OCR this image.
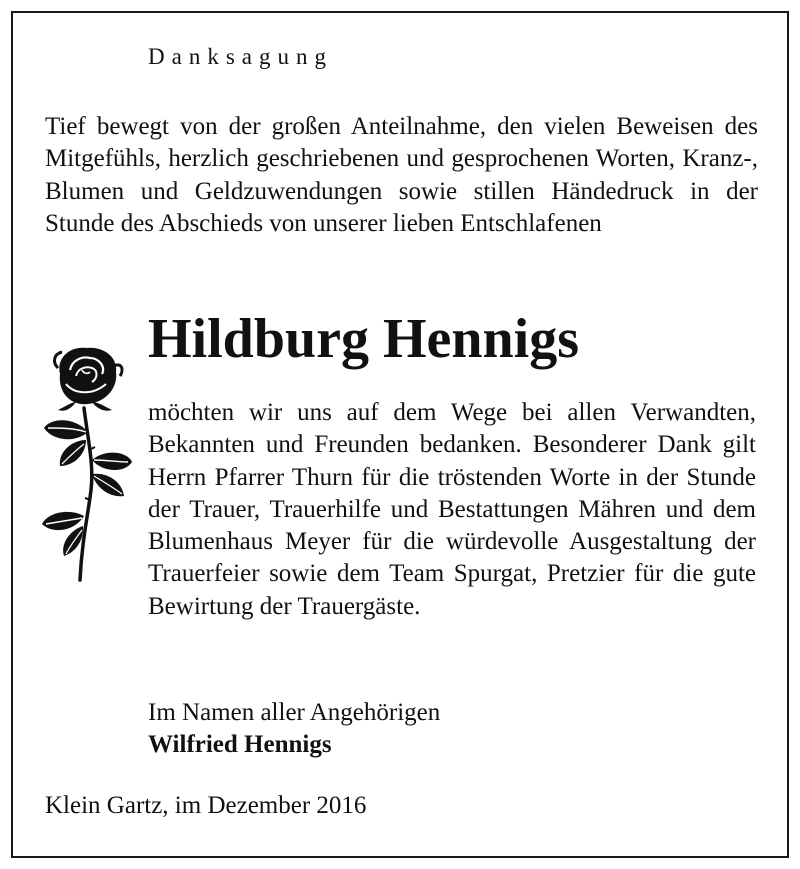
Danksagung
Tief bewegt von der großen Anteilnahme, den vielen Beweisen des Mitgefühls, herzlich geschriebenen und gesprochenen Worten, Kranz-, Blumen und Geldzuwendungen sowie stillen Händedruck in der Stunde des Abschieds von unserer lieben Entschlafenen
Hildburg Hennigs
möchten wir uns auf dem Wege bei allen Verwandten, Bekannten und Freunden bedanken. Besonderer Dank gilt Herrn Pfarrer Thurn für die tröstenden Worte in der Stunde der Trauer, Trauerhilfe und Bestattungen Mähren und dem Blumenhaus Meyer für die würdevolle Ausgestaltung der Trauerfeier sowie dem Team Spurgat, Pretzier für die gute Bewirtung der Trauergäste.
Im Namen aller Angehörigen
Wilfried Hennigs
Klein Gartz, im Dezember 2016
